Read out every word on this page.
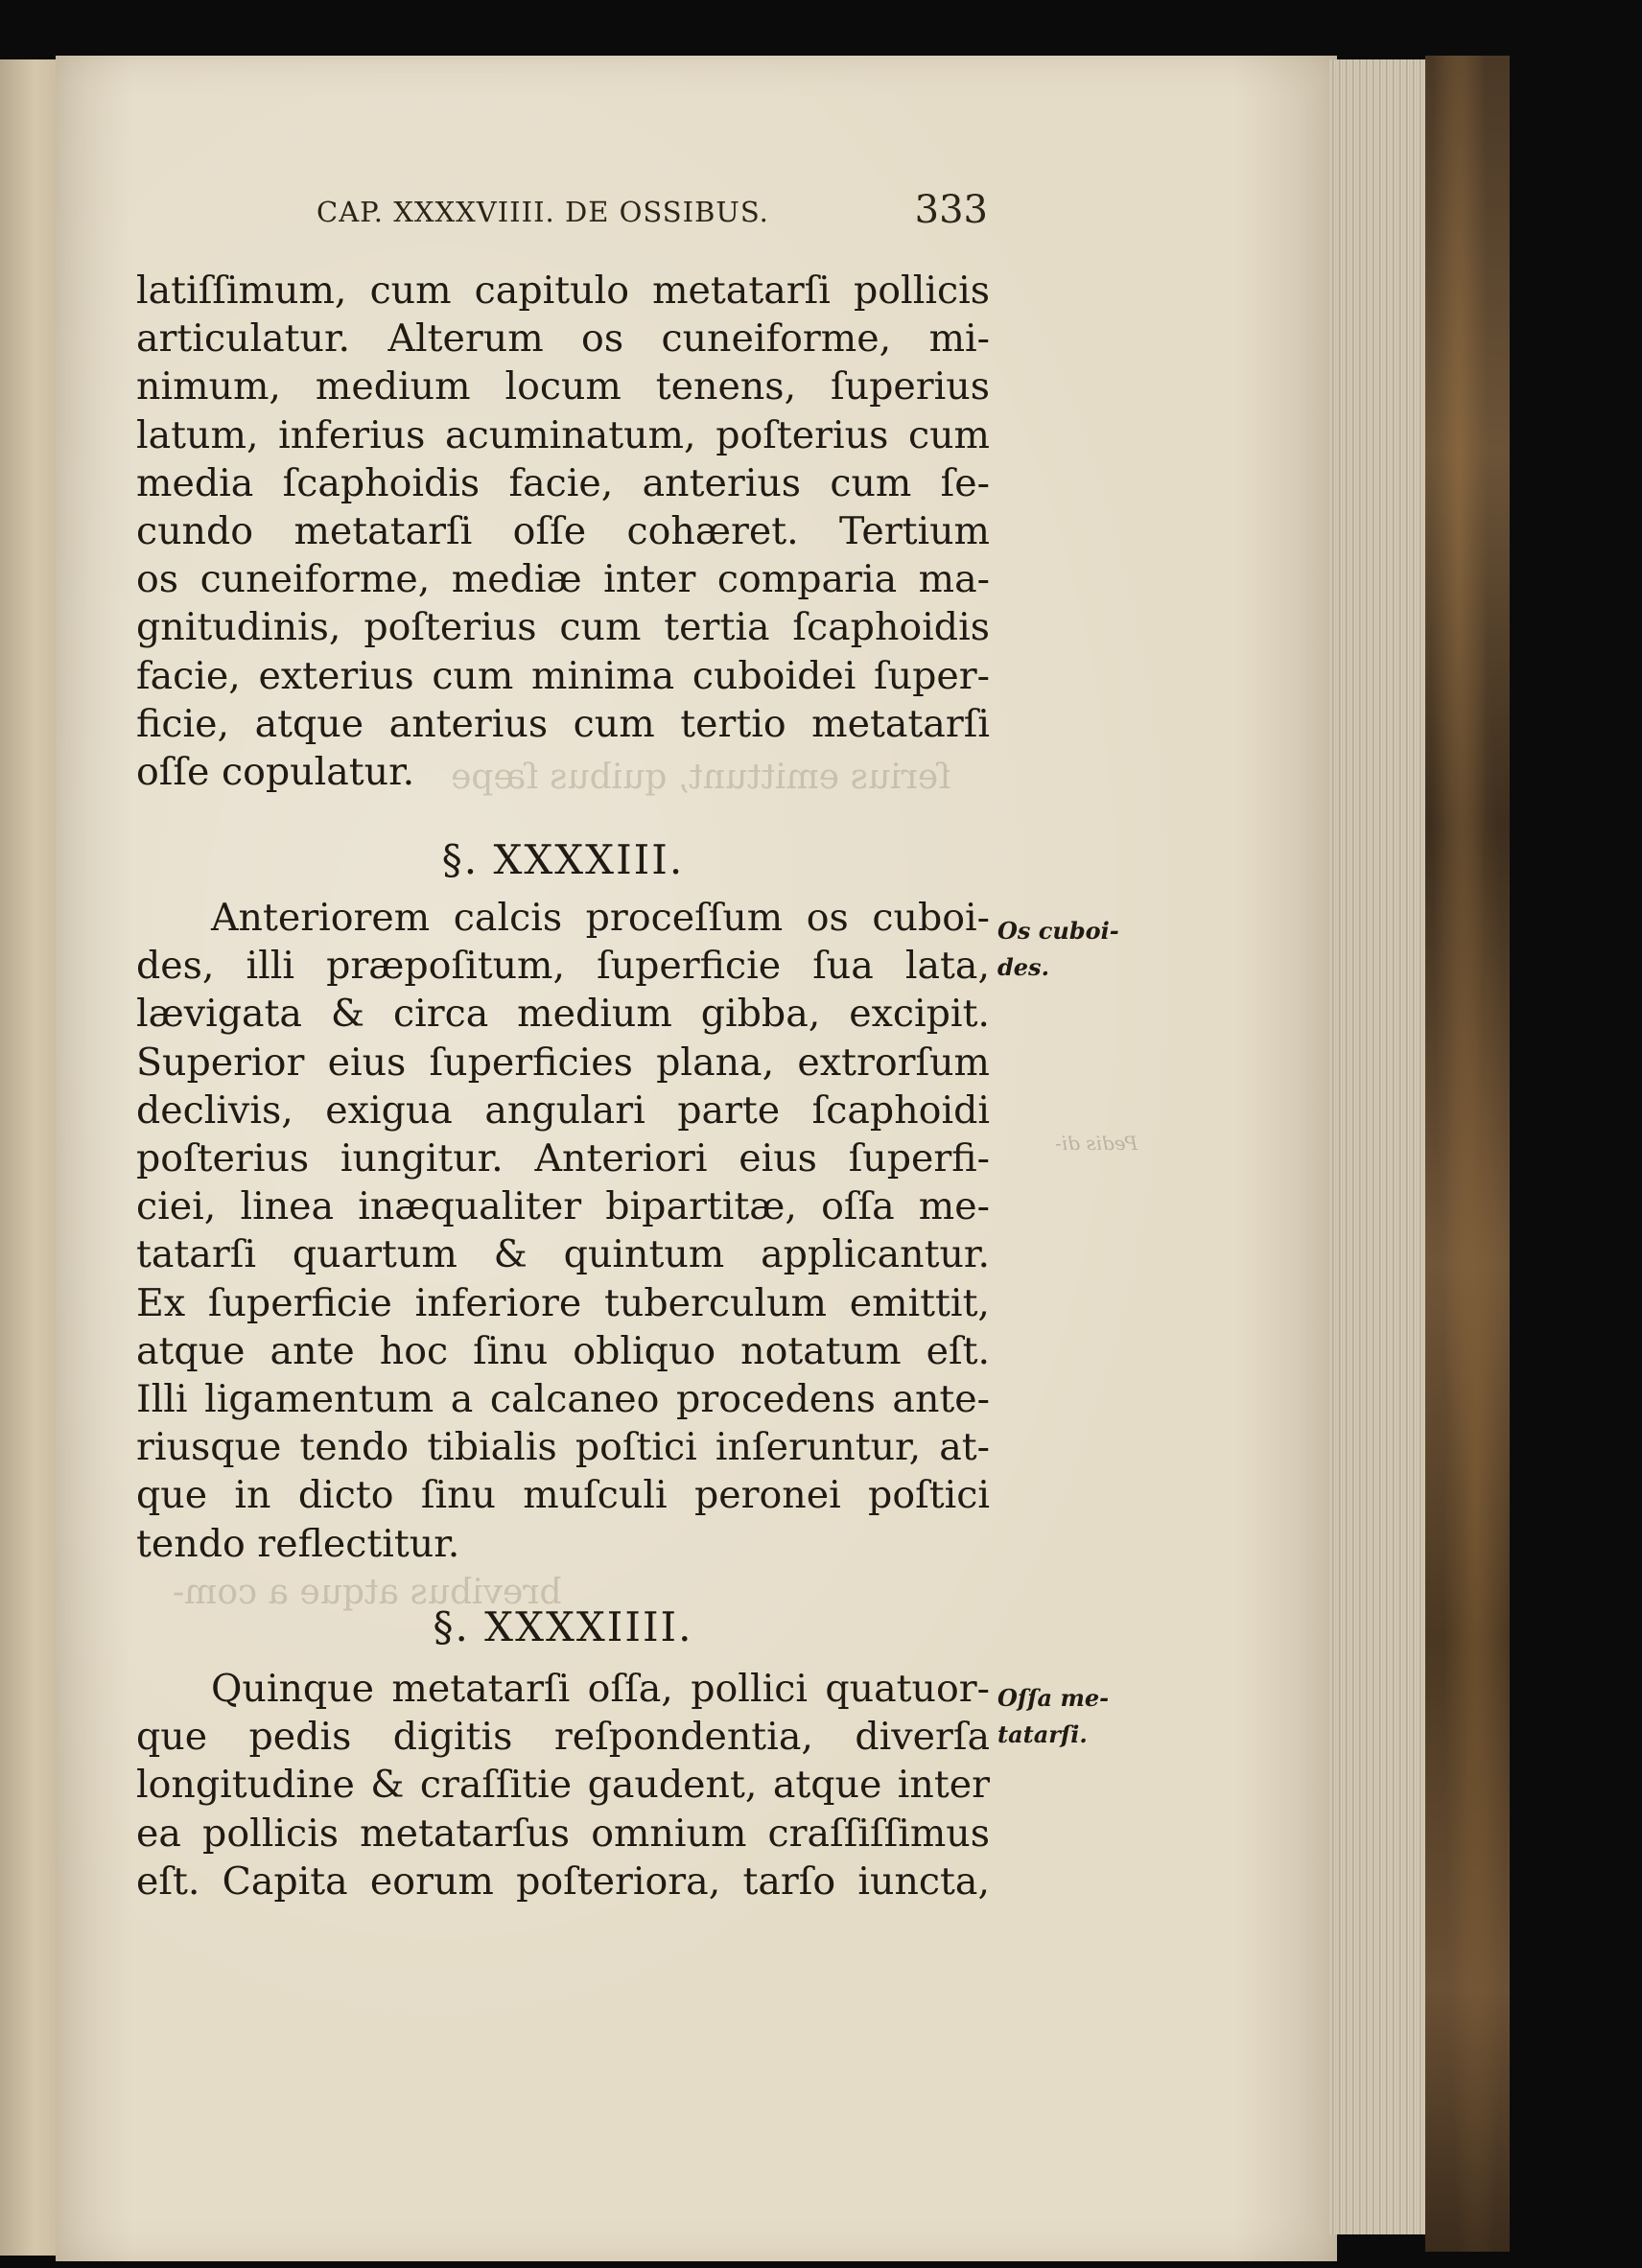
ſerius emittunt, quibus ſæpe
brevibus atque a com-
Pedis di-
CAP. XXXXVIIII. DE OSSIBUS.	333
latiſſimum, cum capitulo metatarſi pollicis
articulatur. Alterum os cuneiforme, mi-
nimum, medium locum tenens, ſuperius
latum, inferius acuminatum, poſterius cum
media ſcaphoidis facie, anterius cum ſe-
cundo metatarſi oſſe cohæret. Tertium
os cuneiforme, mediæ inter comparia ma-
gnitudinis, poſterius cum tertia ſcaphoidis
facie, exterius cum minima cuboidei ſuper-
ficie, atque anterius cum tertio metatarſi
oſſe copulatur.
§. XXXXIII.
Os cuboi-
des.
Anteriorem calcis proceſſum os cuboi-
des, illi præpoſitum, ſuperficie ſua lata,
lævigata & circa medium gibba, excipit.
Superior eius ſuperficies plana, extrorſum
declivis, exigua angulari parte ſcaphoidi
poſterius iungitur. Anteriori eius ſuperfi-
ciei, linea inæqualiter bipartitæ, oſſa me-
tatarſi quartum & quintum applicantur.
Ex ſuperficie inferiore tuberculum emittit,
atque ante hoc ſinu obliquo notatum eſt.
Illi ligamentum a calcaneo procedens ante-
riusque tendo tibialis poſtici inſeruntur, at-
que in dicto ſinu muſculi peronei poſtici
tendo reflectitur.
§. XXXXIIII.
Oſſa me-
tatarſi.
Quinque metatarſi oſſa, pollici quatuor-
que pedis digitis reſpondentia, diverſa
longitudine & craſſitie gaudent, atque inter
ea pollicis metatarſus omnium craſſiſſimus
eſt. Capita eorum poſteriora, tarſo iuncta,
